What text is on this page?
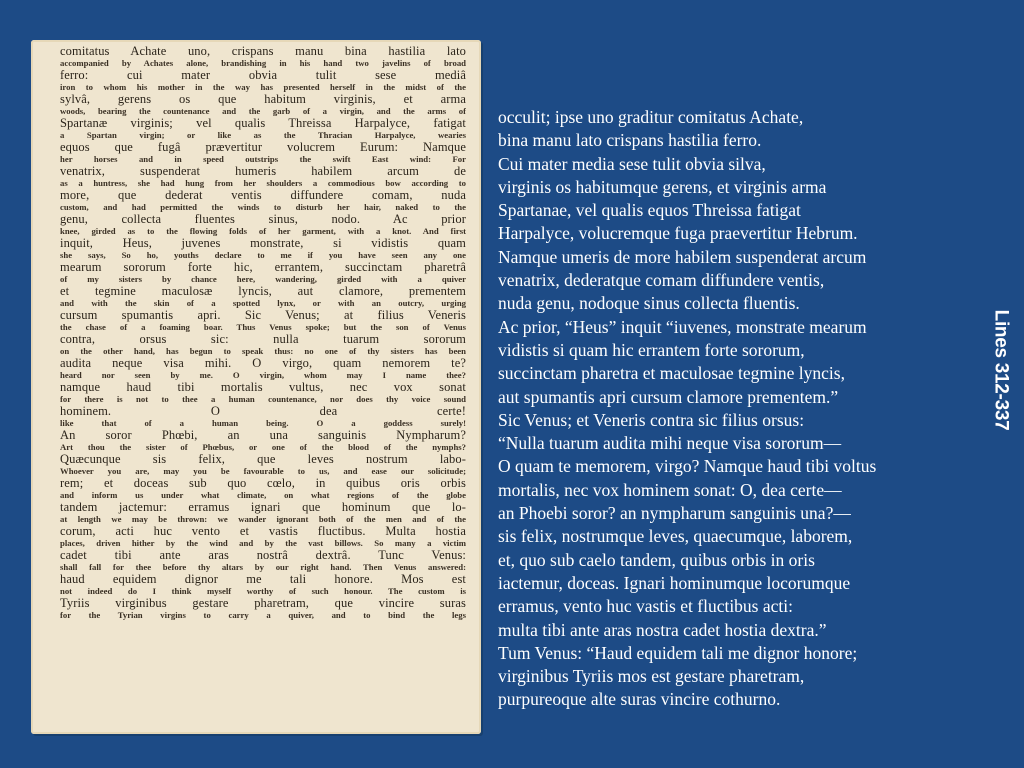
comitatus Achate uno, crispans manu bina hastilia lato
accompanied by Achates alone, brandishing in his hand two javelins of broad
ferro: cui mater obvia tulit sese mediâ
iron to whom his mother in the way has presented herself in the midst of the
sylvâ, gerens os que habitum virginis, et arma
woods, bearing the countenance and the garb of a virgin, and the arms of
Spartanæ virginis; vel qualis Threissa Harpalyce, fatigat
a Spartan virgin; or like as the Thracian Harpalyce, wearies
equos que fugâ prævertitur volucrem Eurum: Namque
her horses and in speed outstrips the swift East wind: For
venatrix, suspenderat humeris habilem arcum de
as a huntress, she had hung from her shoulders a commodious bow according to
more, que dederat ventis diffundere comam, nuda
custom, and had permitted the winds to disturb her hair, naked to the
genu, collecta fluentes sinus, nodo. Ac prior
knee, girded as to the flowing folds of her garment, with a knot. And first
inquit, Heus, juvenes monstrate, si vidistis quam
she says, So ho, youths declare to me if you have seen any one
mearum sororum forte hic, errantem, succinctam pharetrâ
of my sisters by chance here, wandering, girded with a quiver
et tegmine maculosæ lyncis, aut clamore, prementem
and with the skin of a spotted lynx, or with an outcry, urging
cursum spumantis apri. Sic Venus; at filius Veneris
the chase of a foaming boar. Thus Venus spoke; but the son of Venus
contra, orsus sic: nulla tuarum sororum
on the other hand, has begun to speak thus: no one of thy sisters has been
audita neque visa mihi. O virgo, quam nemorem te?
heard nor seen by me. O virgin, whom may I name thee?
namque haud tibi mortalis vultus, nec vox sonat
for there is not to thee a human countenance, nor does thy voice sound
hominem. O dea certe!
like that of a human being. O a goddess surely!
An soror Phœbi, an una sanguinis Nympharum?
Art thou the sister of Phœbus, or one of the blood of the nymphs?
Quæcunque sis felix, que leves nostrum labo-
Whoever you are, may you be favourable to us, and ease our solicitude;
rem; et doceas sub quo cœlo, in quibus oris orbis
and inform us under what climate, on what regions of the globe
tandem jactemur: erramus ignari que hominum que lo-
at length we may be thrown: we wander ignorant both of the men and of the
corum, acti huc vento et vastis fluctibus. Multa hostia
places, driven hither by the wind and by the vast billows. So many a victim
cadet tibi ante aras nostrâ dextrâ. Tunc Venus:
shall fall for thee before thy altars by our right hand. Then Venus answered:
haud equidem dignor me tali honore. Mos est
not indeed do I think myself worthy of such honour. The custom is
Tyriis virginibus gestare pharetram, que vincire suras
for the Tyrian virgins to carry a quiver, and to bind the legs
occulit; ipse uno graditur comitatus Achate,
bina manu lato crispans hastilia ferro.
Cui mater media sese tulit obvia silva,
virginis os habitumque gerens, et virginis arma
Spartanae, vel qualis equos Threissa fatigat
Harpalyce, volucremque fuga praevertitur Hebrum.
Namque umeris de more habilem suspenderat arcum
venatrix, dederatque comam diffundere ventis,
nuda genu, nodoque sinus collecta fluentis.
Ac prior, “Heus” inquit “iuvenes, monstrate mearum
vidistis si quam hic errantem forte sororum,
succinctam pharetra et maculosae tegmine lyncis,
aut spumantis apri cursum clamore prementem.”
Sic Venus; et Veneris contra sic filius orsus:
“Nulla tuarum audita mihi neque visa sororum—
O quam te memorem, virgo? Namque haud tibi voltus
mortalis, nec vox hominem sonat: O, dea certe—
an Phoebi soror? an nympharum sanguinis una?—
sis felix, nostrumque leves, quaecumque, laborem,
et, quo sub caelo tandem, quibus orbis in oris
iactemur, doceas. Ignari hominumque locorumque
erramus, vento huc vastis et fluctibus acti:
multa tibi ante aras nostra cadet hostia dextra.”
Tum Venus: “Haud equidem tali me dignor honore;
virginibus Tyriis mos est gestare pharetram,
purpureoque alte suras vincire cothurno.
Lines 312-337
